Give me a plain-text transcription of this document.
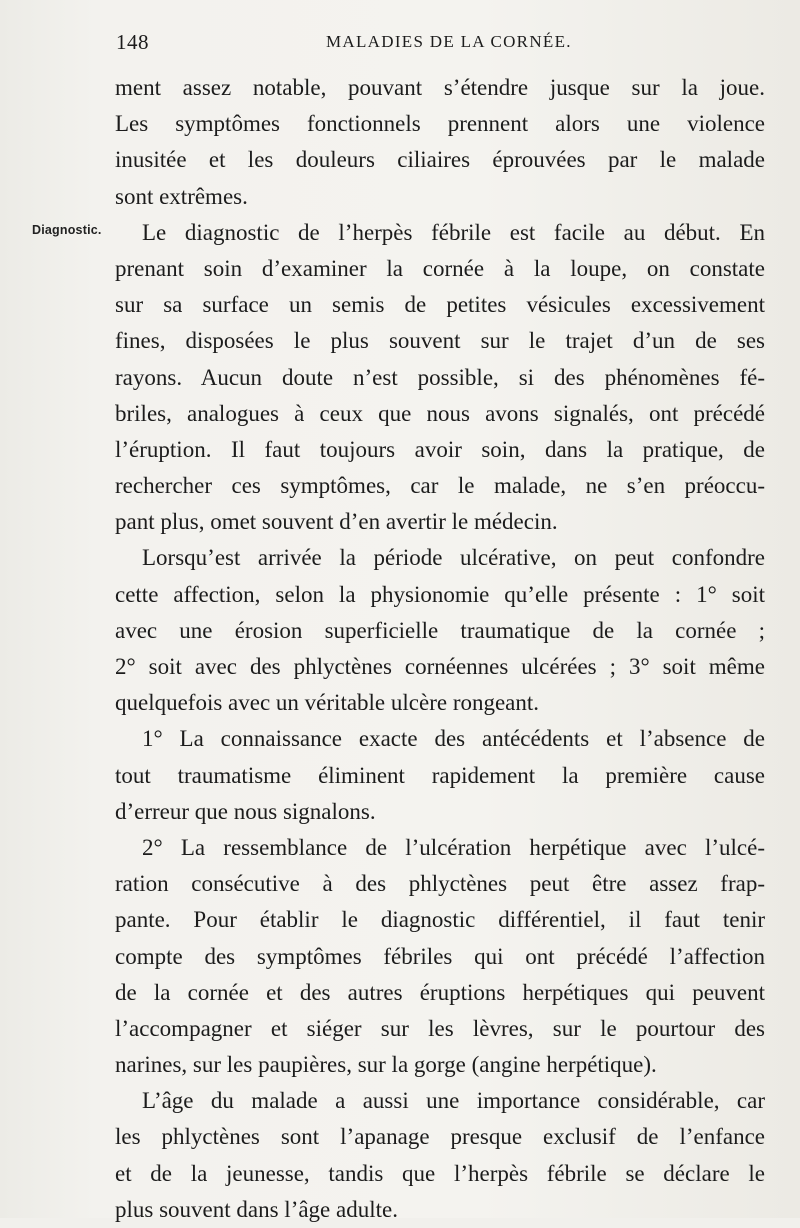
148	MALADIES DE LA CORNÉE.
Diagnostic.
ment assez notable, pouvant s’étendre jusque sur la joue.
Les symptômes fonctionnels prennent alors une violence
inusitée et les douleurs ciliaires éprouvées par le malade
sont extrêmes.
Le diagnostic de l’herpès fébrile est facile au début. En
prenant soin d’examiner la cornée à la loupe, on constate
sur sa surface un semis de petites vésicules excessivement
fines, disposées le plus souvent sur le trajet d’un de ses
rayons. Aucun doute n’est possible, si des phénomènes fé-
briles, analogues à ceux que nous avons signalés, ont précédé
l’éruption. Il faut toujours avoir soin, dans la pratique, de
rechercher ces symptômes, car le malade, ne s’en préoccu-
pant plus, omet souvent d’en avertir le médecin.
Lorsqu’est arrivée la période ulcérative, on peut confondre
cette affection, selon la physionomie qu’elle présente : 1° soit
avec une érosion superficielle traumatique de la cornée ;
2° soit avec des phlyctènes cornéennes ulcérées ; 3° soit même
quelquefois avec un véritable ulcère rongeant.
1° La connaissance exacte des antécédents et l’absence de
tout traumatisme éliminent rapidement la première cause
d’erreur que nous signalons.
2° La ressemblance de l’ulcération herpétique avec l’ulcé-
ration consécutive à des phlyctènes peut être assez frap-
pante. Pour établir le diagnostic différentiel, il faut tenir
compte des symptômes fébriles qui ont précédé l’affection
de la cornée et des autres éruptions herpétiques qui peuvent
l’accompagner et siéger sur les lèvres, sur le pourtour des
narines, sur les paupières, sur la gorge (angine herpétique).
L’âge du malade a aussi une importance considérable, car
les phlyctènes sont l’apanage presque exclusif de l’enfance
et de la jeunesse, tandis que l’herpès fébrile se déclare le
plus souvent dans l’âge adulte.
